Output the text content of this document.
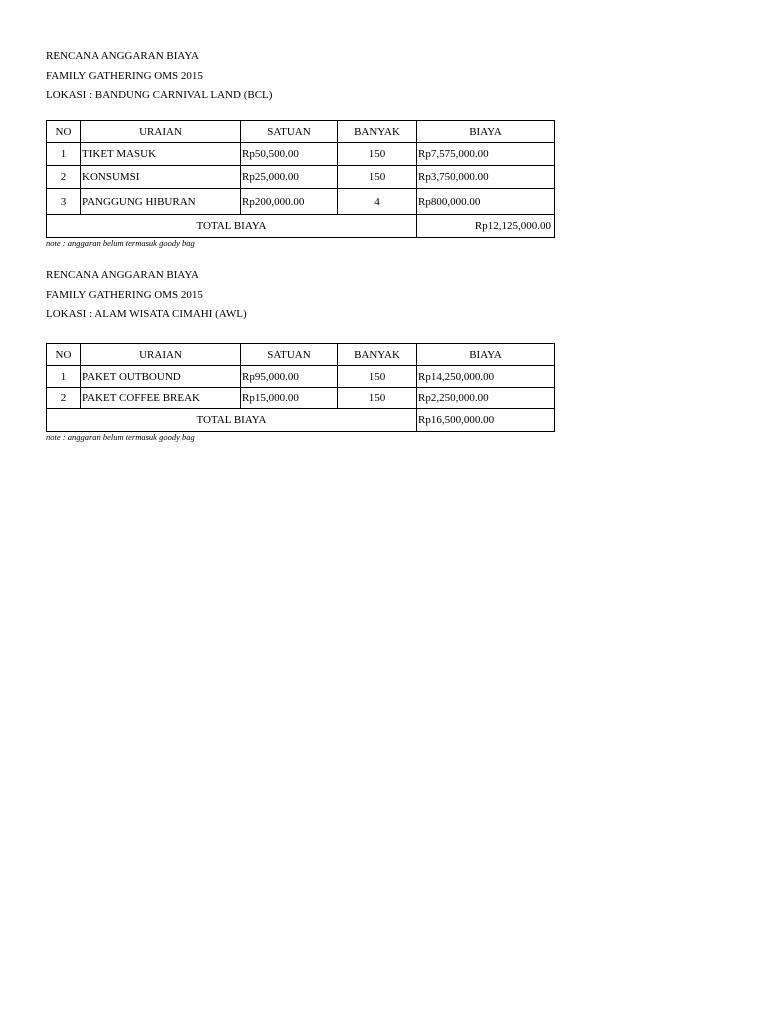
RENCANA ANGGARAN BIAYA
FAMILY GATHERING OMS 2015
LOKASI : BANDUNG CARNIVAL LAND (BCL)
NO	URAIAN	SATUAN	BANYAK	BIAYA
1	TIKET MASUK	Rp50,500.00	150	Rp7,575,000.00
2	KONSUMSI	Rp25,000.00	150	Rp3,750,000.00
3	PANGGUNG HIBURAN	Rp200,000.00	4	Rp800,000.00
TOTAL BIAYA				Rp12,125,000.00
note : anggaran belum termasuk goody bag
RENCANA ANGGARAN BIAYA
FAMILY GATHERING OMS 2015
LOKASI : ALAM WISATA CIMAHI (AWL)
NO	URAIAN	SATUAN	BANYAK	BIAYA
1	PAKET OUTBOUND	Rp95,000.00	150	Rp14,250,000.00
2	PAKET COFFEE BREAK	Rp15,000.00	150	Rp2,250,000.00
TOTAL BIAYA				Rp16,500,000.00
note : anggaran belum termasuk goody bag
